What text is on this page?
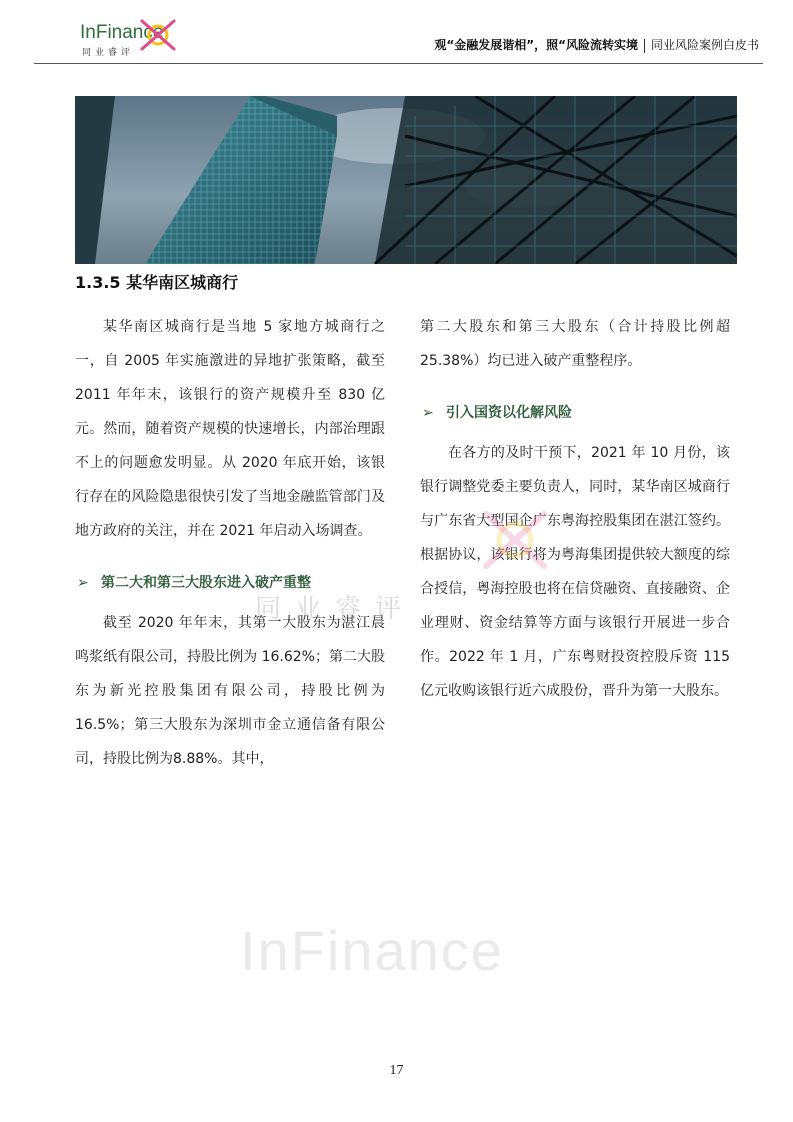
InFinance
同业睿评
观“金融发展谐相”，照“风险流转实境 同业风险案例白皮书
1.3.5 某华南区城商行

某华南区城商行是当地 5 家地方城商行之一，自 2005 年实施激进的异地扩张策略，截至 2011 年年末，该银行的资产规模升至 830 亿元。然而，随着资产规模的快速增长，内部治理跟不上的问题愈发明显。从 2020 年底开始，该银行存在的风险隐患很快引发了当地金融监管部门及地方政府的关注，并在 2021 年启动入场调查。

➢ 第二大和第三大股东进入破产重整

截至 2020 年年末，其第一大股东为湛江晨鸣浆纸有限公司，持股比例为 16.62%；第二大股东为新光控股集团有限公司，持股比例为16.5%；第三大股东为深圳市金立通信备有限公司，持股比例为8.88%。其中，

第二大股东和第三大股东（合计持股比例超 25.38%）均已进入破产重整程序。

➢ 引入国资以化解风险

在各方的及时干预下，2021 年 10 月份，该银行调整党委主要负责人，同时，某华南区城商行与广东省大型国企广东粤海控股集团在湛江签约。根据协议，该银行将为粤海集团提供较大额度的综合授信，粤海控股也将在信贷融资、直接融资、企业理财、资金结算等方面与该银行开展进一步合作。2022 年 1 月，广东粤财投资控股斥资 115 亿元收购该银行近六成股份，晋升为第一大股东。

同业睿评
InFinance
17
